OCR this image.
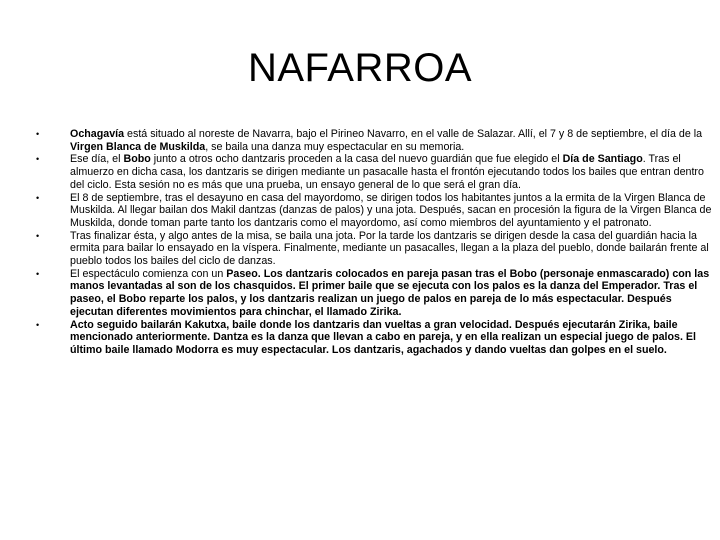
NAFARROA
•	Ochagavía está situado al noreste de Navarra, bajo el Pirineo Navarro, en el valle de Salazar. Allí, el 7 y 8 de septiembre, el día de la Virgen Blanca de Muskilda, se baila una danza muy espectacular en su memoria.
•	Ese día, el Bobo junto a otros ocho dantzaris proceden a la casa del nuevo guardián que fue elegido el Día de Santiago. Tras el almuerzo en dicha casa, los dantzaris se dirigen mediante un pasacalle hasta el frontón ejecutando todos los bailes que entran dentro del ciclo. Esta sesión no es más que una prueba, un ensayo general de lo que será el gran día.
•	El 8 de septiembre, tras el desayuno en casa del mayordomo, se dirigen todos los habitantes juntos a la ermita de la Virgen Blanca de Muskilda. Al llegar bailan dos Makil dantzas (danzas de palos) y una jota. Después, sacan en procesión la figura de la Virgen Blanca de Muskilda, donde toman parte tanto los dantzaris como el mayordomo, así como miembros del ayuntamiento y el patronato.
•	Tras finalizar ésta, y algo antes de la misa, se baila una jota. Por la tarde los dantzaris se dirigen desde la casa del guardián hacia la ermita para bailar lo ensayado en la víspera. Finalmente, mediante un pasacalles, llegan a la plaza del pueblo, donde bailarán frente al pueblo todos los bailes del ciclo de danzas.
•	El espectáculo comienza con un Paseo. Los dantzaris colocados en pareja pasan tras el Bobo (personaje enmascarado) con las manos levantadas al son de los chasquidos. El primer baile que se ejecuta con los palos es la danza del Emperador. Tras el paseo, el Bobo reparte los palos, y los dantzaris realizan un juego de palos en pareja de lo más espectacular. Después ejecutan diferentes movimientos para chinchar, el llamado Zirika.
•	Acto seguido bailarán Kakutxa, baile donde los dantzaris dan vueltas a gran velocidad. Después ejecutarán Zirika, baile mencionado anteriormente. Dantza es la danza que llevan a cabo en pareja, y en ella realizan un especial juego de palos. El último baile llamado Modorra es muy espectacular. Los dantzaris, agachados y dando vueltas dan golpes en el suelo.
